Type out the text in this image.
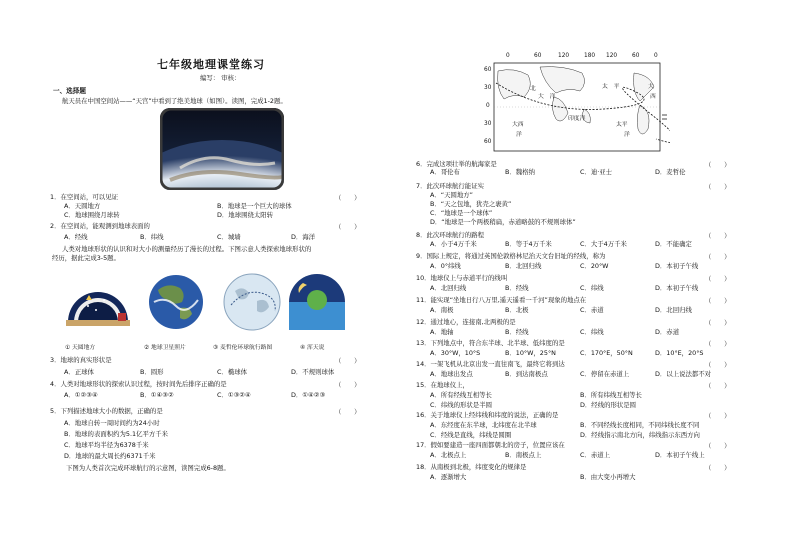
七年级地理课堂练习
编写： 审核：
一、选择题
航天员在中国空间站——“天宫”中看到了绝美地球（如图）。读图，完成1-2题。
1．在空间站，可以见证	（　　）
A．天圆地方	B．地球是一个巨大的球体
C．地球围绕月球转	D．地球围绕太阳转
2．在空间站，能观测到地球表面的	（　　）
A．经线	B．纬线	C．城墙	D．海洋
人类对地球形状的认识和对大小的测量经历了漫长的过程。下图示意人类探索地球形状的
经历，据此完成3-5题。
① 天圆地方	② 地球卫星照片	③ 麦哲伦环球航行路图	④ 浑天说
3．地球的真实形状是	（　　）
A．正球体	B．圆形	C．椭球体	D．不规则球体
4．人类对地球形状的探索认识过程，按时间先后排序正确的是	（　　）
A．①②③④	B．①④③②	C．①③②④	D．①④②③
5．下列描述地球大小的数据，正确的是	（　　）
A．地球自转一周时间约为24小时
B．地球的表面积约为5.1亿平方千米
C．地球平均半径为6378千米
D．地球的最大周长约6371千米
下图为人类首次完成环球航行的示意图，读图完成6-8题。
0	60	120	180 120	60	0
60
30
0
30
60
北
大　洋
太　平	大
西
印度洋
太平
洋
大西
洋
6．完成这项壮举的航海家是	（　　）
A．哥伦布	B．魏格纳	C．迪·亚士	D．麦哲伦
7．此次环球航行能证实	（　　）
A．“天圆地方”
B．“天之包地，犹壳之裹黄”
C．“地球是一个球体”
D．“地球是一个两极稍扁，赤道略鼓的不规则球体”
8．此次环球航行的路程	（　　）
A．小于4万千米	B．等于4万千米	C．大于4万千米	D．不能确定
9．国际上规定，将通过英国伦敦格林尼治天文台旧址的经线，称为	（　　）
A．0°纬线	B．北回归线	C．20°W	D．本初子午线
10．地球仪上与赤道平行的线叫	（　　）
A．北回归线	B．经线	C．纬线	D．本初子午线
11．能实现“坐地日行八万里,遥天遥看一千河”现象的地点在	（　　）
A．南极	B．北极	C．赤道	D．北回归线
12．通过地心，连接南,北两极的是	（　　）
A．地轴	B．经线	C．纬线	D．赤道
13．下列地点中，符合东半球、北半球、低纬度的是	（　　）
A．30°W，10°S	B．10°W，25°N	C．170°E，50°N	D．10°E，20°S
14．一架飞机从北京出发一直往南飞，最终它将到达	（　　）
A．地球出发点	B．到达南极点	C．停留在赤道上	D．以上说法都不对
15．在地球仪上，	（　　）
A．所有经线互相等长	B．所有纬线互相等长
C．纬线的形状是半圆	D．经线的形状是圆
16．关于地球仪上经纬线和纬度的说法，正确的是	（　　）
A．东经度在东半球，北纬度在北半球	B．不同经线长度相同，不同纬线长度不同
C．经线是直线，纬线是圆圈	D．经线指示南北方向，纬线指示东西方向
17．假如要建造一座四面都朝北的房子，位置应该在	（　　）
A．北极点上	B．南极点上	C．赤道上	D．本初子午线上
18．从南极到北极，纬度变化的规律是	（　　）
A．逐渐增大	B．由大变小再增大
